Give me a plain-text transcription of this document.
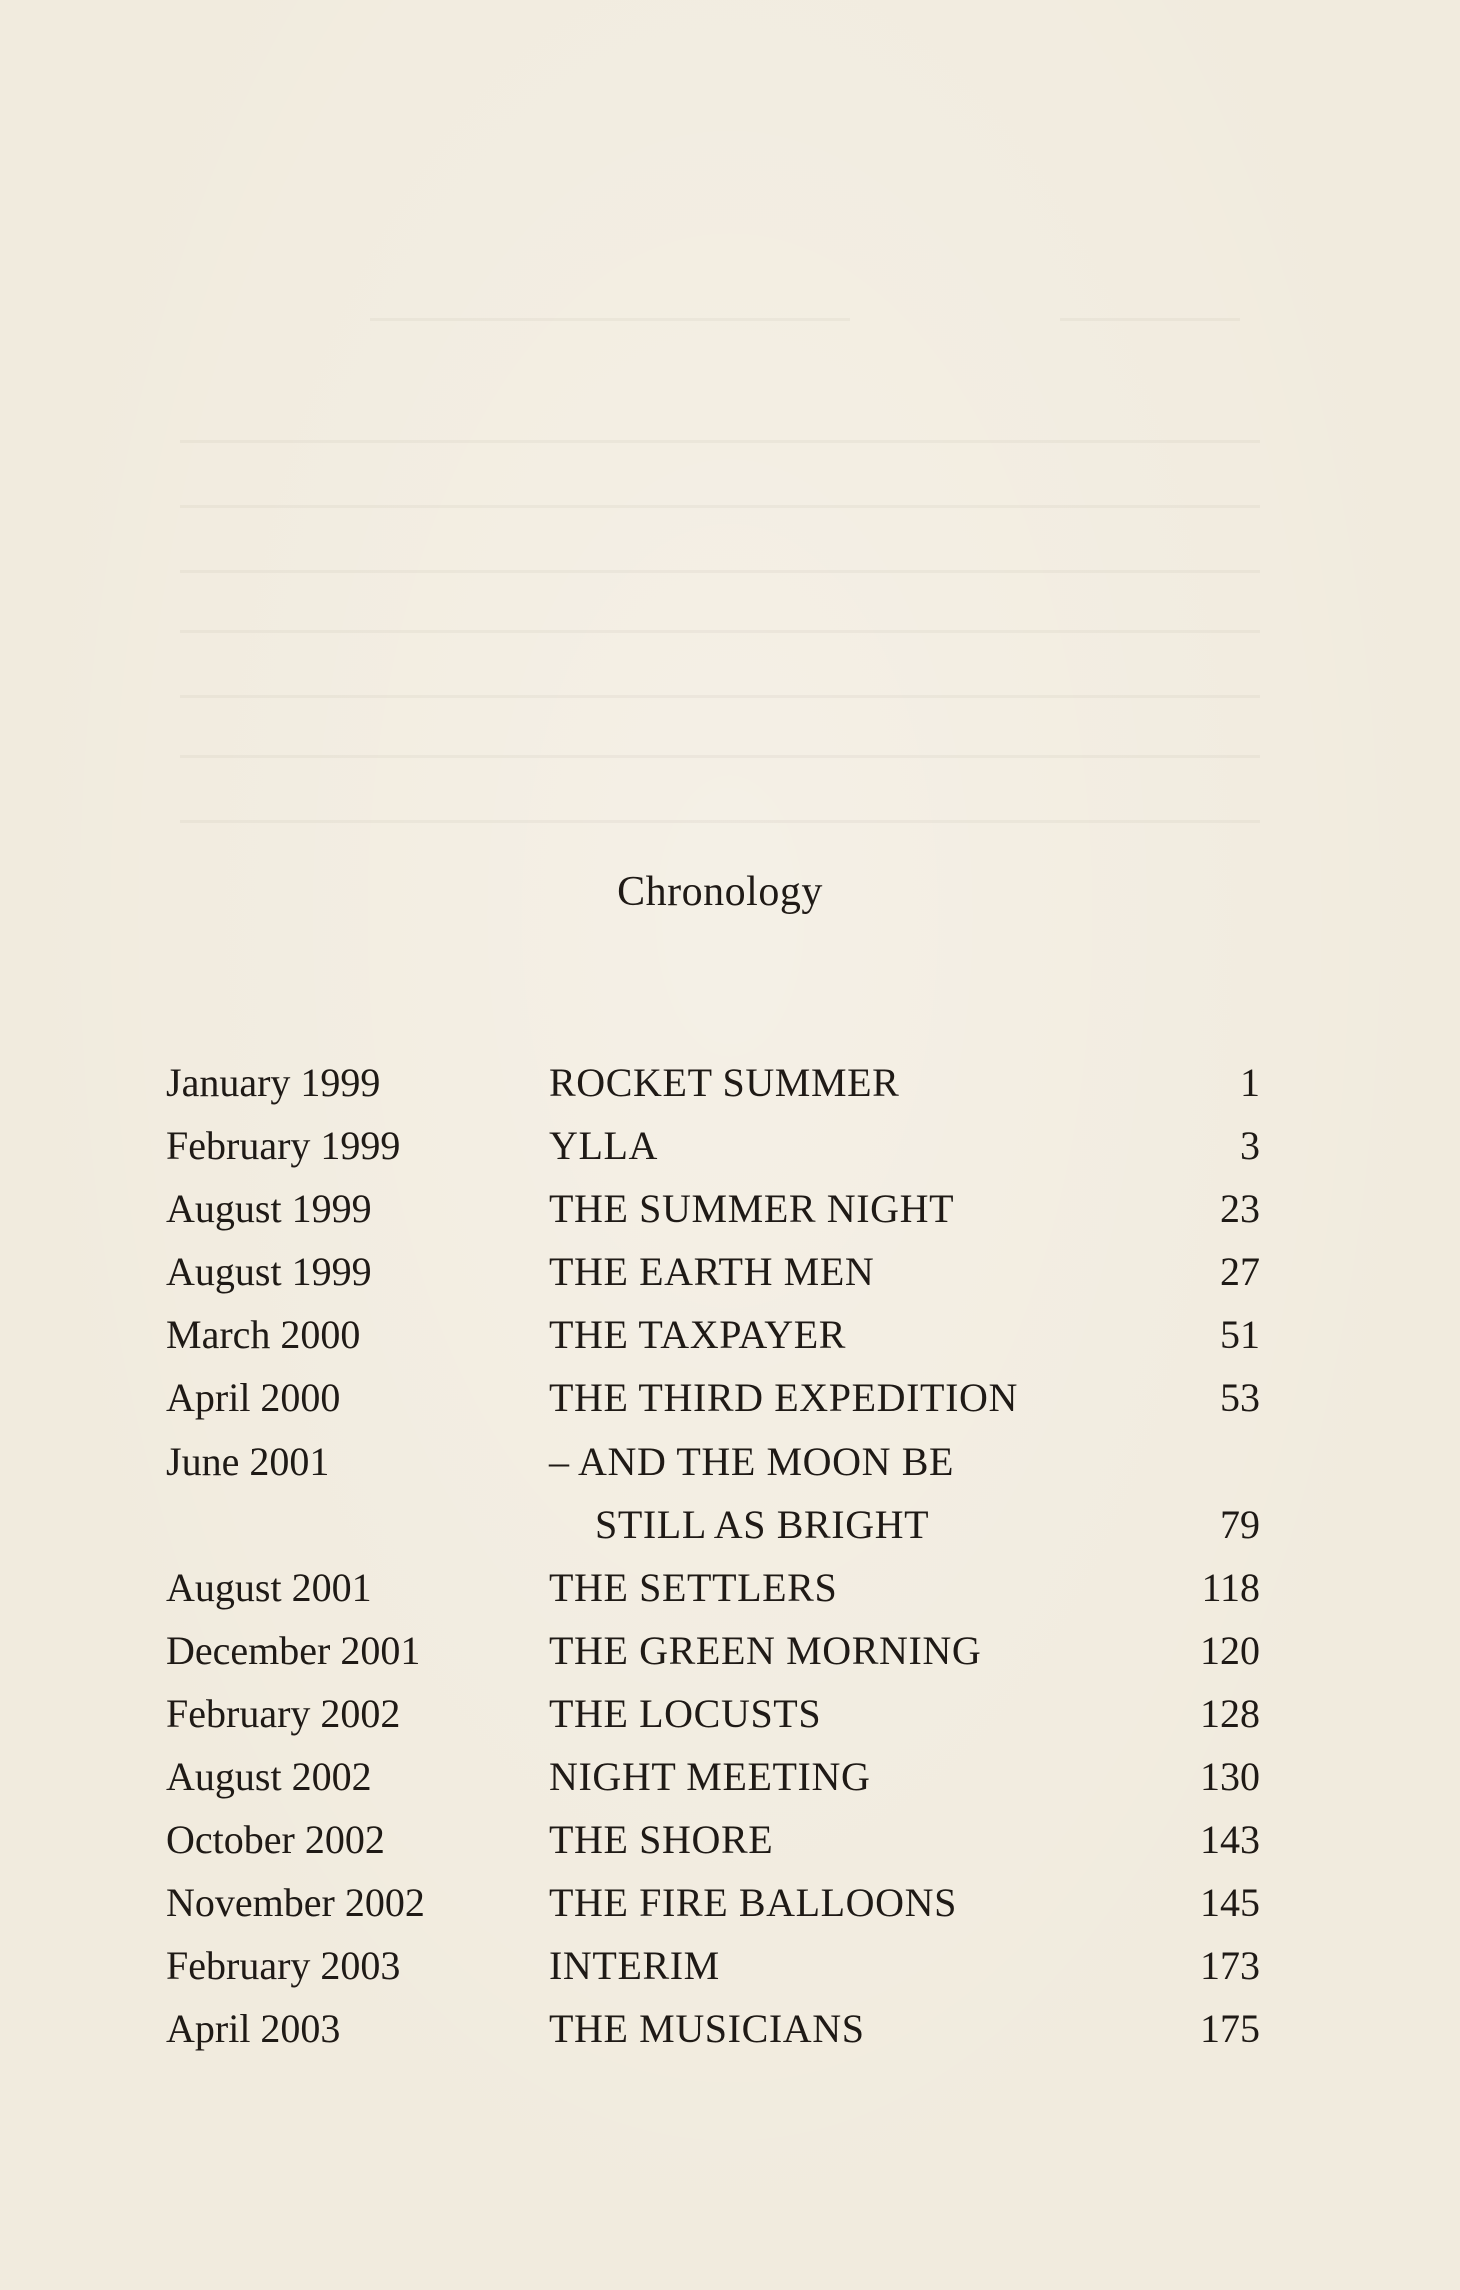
Chronology
January 1999	ROCKET SUMMER	1
February 1999	YLLA	3
August 1999	THE SUMMER NIGHT	23
August 1999	THE EARTH MEN	27
March 2000	THE TAXPAYER	51
April 2000	THE THIRD EXPEDITION	53
June 2001	– AND THE MOON BE
STILL AS BRIGHT	79
August 2001	THE SETTLERS	118
December 2001	THE GREEN MORNING	120
February 2002	THE LOCUSTS	128
August 2002	NIGHT MEETING	130
October 2002	THE SHORE	143
November 2002	THE FIRE BALLOONS	145
February 2003	INTERIM	173
April 2003	THE MUSICIANS	175
